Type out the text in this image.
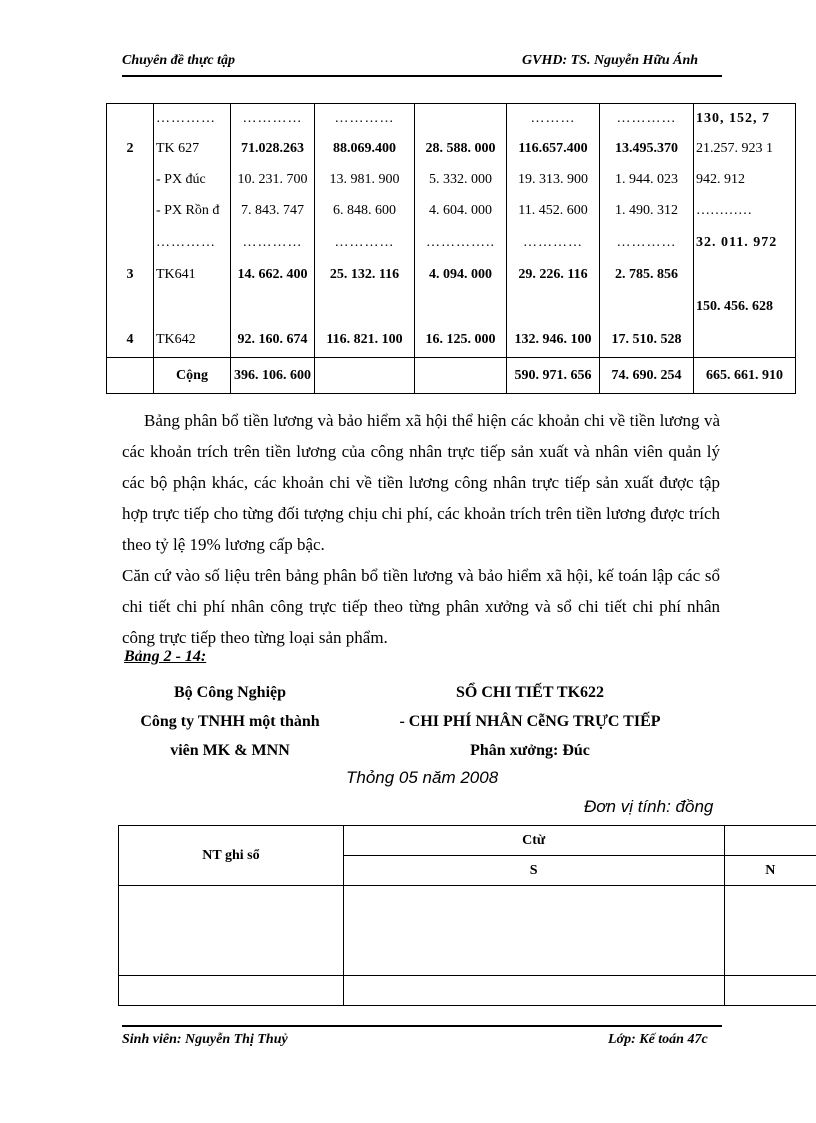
Chuyên đề thực tập	GVHD: TS. Nguyễn Hữu Ánh
	…………	…………	…………		………	…………	130, 152, 7
2	TK 627	71.028.263	88.069.400	28. 588. 000	116.657.400	13.495.370	21.257. 923 1
	- PX đúc	10. 231. 700	13. 981. 900	5. 332. 000	19. 313. 900	1. 944. 023	942. 912
	- PX Rồn đ	7. 843. 747	6. 848. 600	4. 604. 000	11. 452. 600	1. 490. 312	…………
	…………	…………	…………	…………..	…………	…………	32. 011. 972
3	TK641	14. 662. 400	25. 132. 116	4. 094. 000	29. 226. 116	2. 785. 856	
							150. 456. 628
4	TK642	92. 160. 674	116. 821. 100	16. 125. 000	132. 946. 100	17. 510. 528	
	Cộng	396. 106. 600			590. 971. 656	74. 690. 254	665. 661. 910

Bảng phân bổ tiền lương và bảo hiểm xã hội thể hiện các khoản chi về tiền lương và các khoản trích trên tiền lương của công nhân trực tiếp sản xuất và nhân viên quản lý các bộ phận khác, các khoản chi về tiền lương công nhân trực tiếp sản xuất được tập hợp trực tiếp cho từng đối tượng chịu chi phí, các khoản trích trên tiền lương được trích theo tỷ lệ 19% lương cấp bậc.

Căn cứ vào số liệu trên bảng phân bổ tiền lương và bảo hiểm xã hội, kế toán lập các sổ chi tiết chi phí nhân công trực tiếp theo từng phân xưởng và sổ chi tiết chi phí nhân công trực tiếp theo từng loại sản phẩm.

Bảng 2 - 14:
Bộ Công Nghiệp
Công ty TNHH một thành
viên MK & MNN
SỔ CHI TIẾT TK622
- CHI PHÍ NHÂN CễNG TRỰC TIẾP
Phân xưởng: Đúc
Thỏng 05 năm 2008
Đơn vị tính: đồng
NT ghi sổ	Ctừ	
	S	N

Sinh viên: Nguyễn Thị Thuỷ	Lớp: Kế toán 47c
